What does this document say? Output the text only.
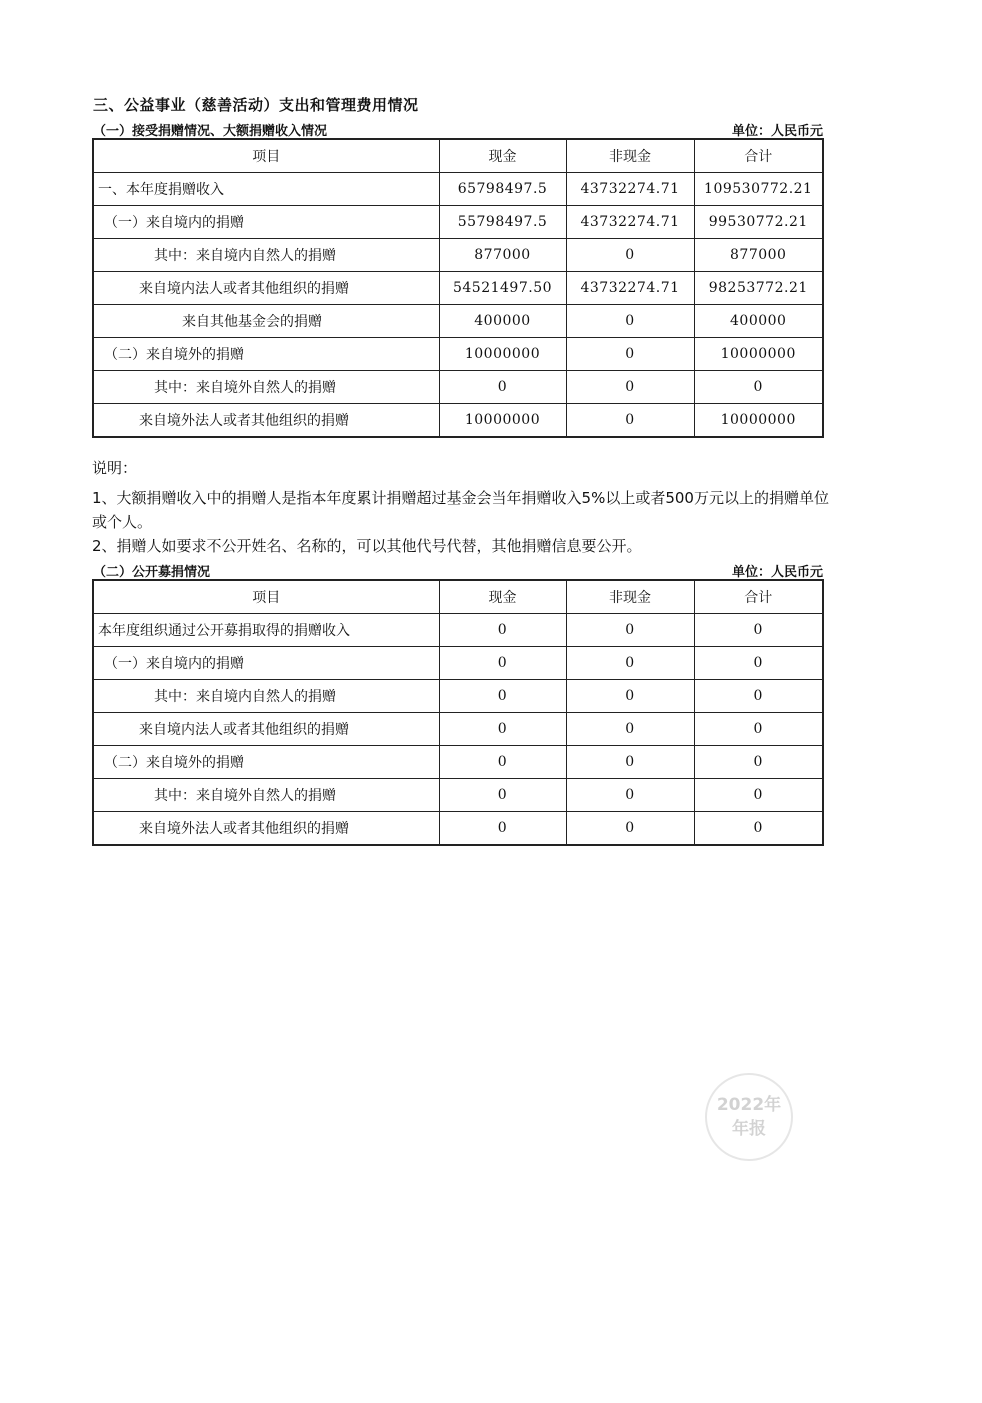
三、公益事业（慈善活动）支出和管理费用情况
（一）接受捐赠情况、大额捐赠收入情况	单位：人民币元
项目	现金	非现金	合计
一、本年度捐赠收入	65798497.5	43732274.71	109530772.21
（一）来自境内的捐赠	55798497.5	43732274.71	99530772.21
其中：来自境内自然人的捐赠	877000	0	877000
来自境内法人或者其他组织的捐赠	54521497.50	43732274.71	98253772.21
来自其他基金会的捐赠	400000	0	400000
（二）来自境外的捐赠	10000000	0	10000000
其中：来自境外自然人的捐赠	0	0	0
来自境外法人或者其他组织的捐赠	10000000	0	10000000

说明：

1、大额捐赠收入中的捐赠人是指本年度累计捐赠超过基金会当年捐赠收入5%以上或者500万元以上的捐赠单位或个人。

2、捐赠人如要求不公开姓名、名称的，可以其他代号代替，其他捐赠信息要公开。

（二）公开募捐情况	单位：人民币元
项目	现金	非现金	合计
本年度组织通过公开募捐取得的捐赠收入	0	0	0
（一）来自境内的捐赠	0	0	0
其中：来自境内自然人的捐赠	0	0	0
来自境内法人或者其他组织的捐赠	0	0	0
（二）来自境外的捐赠	0	0	0
其中：来自境外自然人的捐赠	0	0	0
来自境外法人或者其他组织的捐赠	0	0	0
2022年
年报
